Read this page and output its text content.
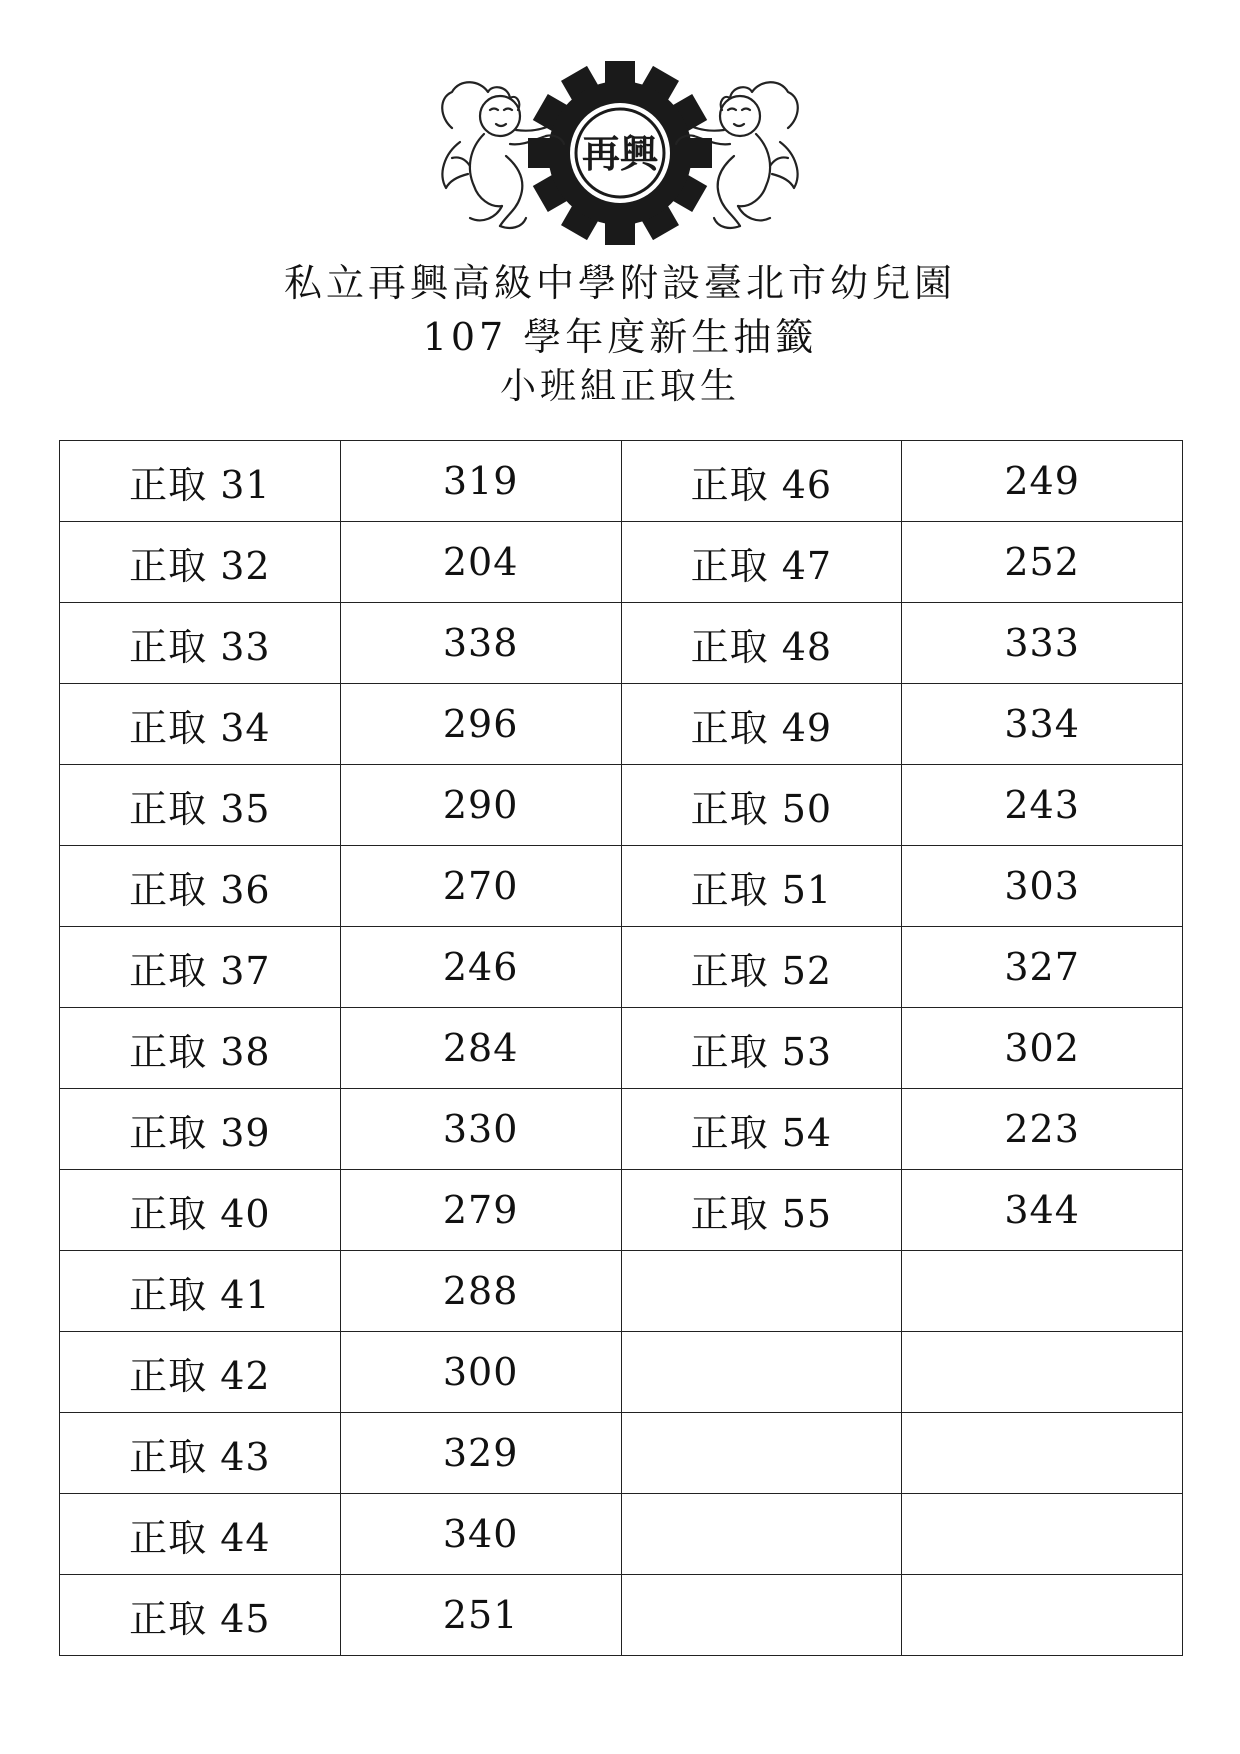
再興
私立再興高級中學附設臺北市幼兒園
107 學年度新生抽籤
小班組正取生
正取 31	319	正取 46	249
正取 32	204	正取 47	252
正取 33	338	正取 48	333
正取 34	296	正取 49	334
正取 35	290	正取 50	243
正取 36	270	正取 51	303
正取 37	246	正取 52	327
正取 38	284	正取 53	302
正取 39	330	正取 54	223
正取 40	279	正取 55	344
正取 41	288		
正取 42	300		
正取 43	329		
正取 44	340		
正取 45	251		
